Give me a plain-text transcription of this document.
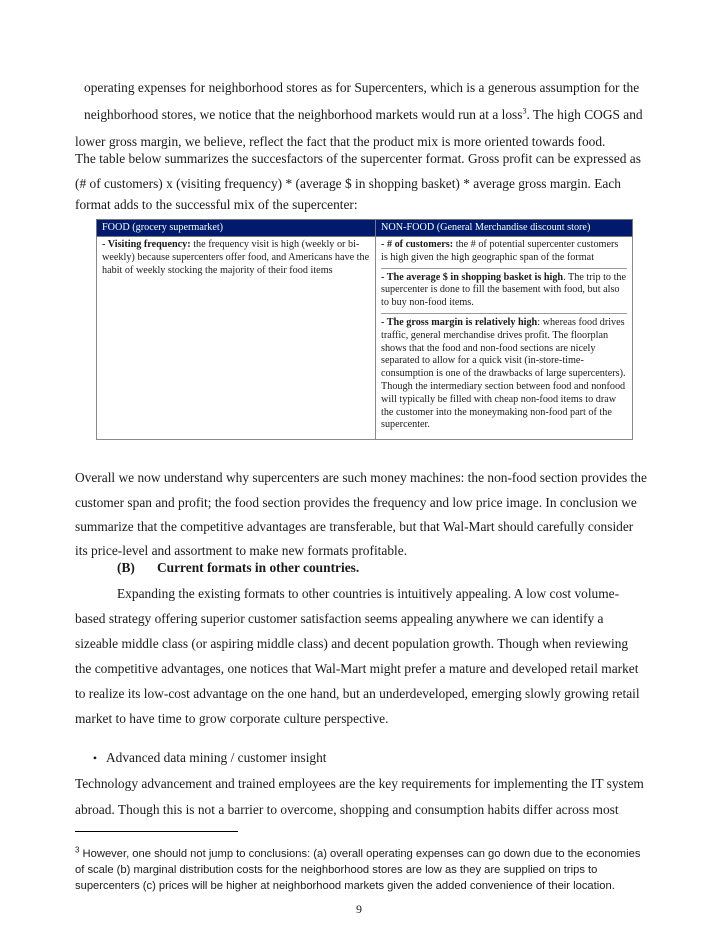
operating expenses for neighborhood stores as for Supercenters, which is a generous assumption for the
neighborhood stores, we notice that the neighborhood markets would run at a loss$^3$. The high COGS and
lower gross margin, we believe, reflect the fact that the product mix is more oriented towards food.
The table below summarizes the succesfactors of the supercenter format. Gross profit can be expressed as
(# of customers) x (visiting frequency) * (average $ in shopping basket) * average gross margin. Each
format adds to the successful mix of the supercenter:
FOOD (grocery supermarket)	NON-FOOD (General Merchandise discount store)
- Visiting frequency: the frequency visit is high (weekly or bi-weekly) because supercenters offer food, and Americans have the habit of weekly stocking the majority of their food items	- # of customers: the # of potential supercenter customers is high given the high geographic span of the format
- The average $ in shopping basket is high. The trip to the supercenter is done to fill the basement with food, but also to buy non-food items.
- The gross margin is relatively high: whereas food drives traffic, general merchandise drives profit. The floorplan shows that the food and non-food sections are nicely separated to allow for a quick visit (in-store-time-consumption is one of the drawbacks of large supercenters). Though the intermediary section between food and nonfood will typically be filled with cheap non-food items to draw the customer into the moneymaking non-food part of the supercenter.
Overall we now understand why supercenters are such money machines: the non-food section provides the
customer span and profit; the food section provides the frequency and low price image. In conclusion we
summarize that the competitive advantages are transferable, but that Wal-Mart should carefully consider
its price-level and assortment to make new formats profitable.
(B) Current formats in other countries.
Expanding the existing formats to other countries is intuitively appealing. A low cost volume-
based strategy offering superior customer satisfaction seems appealing anywhere we can identify a
sizeable middle class (or aspiring middle class) and decent population growth. Though when reviewing
the competitive advantages, one notices that Wal-Mart might prefer a mature and developed retail market
to realize its low-cost advantage on the one hand, but an underdeveloped, emerging slowly growing retail
market to have time to grow corporate culture perspective.
• Advanced data mining / customer insight
Technology advancement and trained employees are the key requirements for implementing the IT system
abroad. Though this is not a barrier to overcome, shopping and consumption habits differ across most
$^3$ However, one should not jump to conclusions: (a) overall operating expenses can go down due to the economies
of scale (b) marginal distribution costs for the neighborhood stores are low as they are supplied on trips to
supercenters (c) prices will be higher at neighborhood markets given the added convenience of their location.
9
